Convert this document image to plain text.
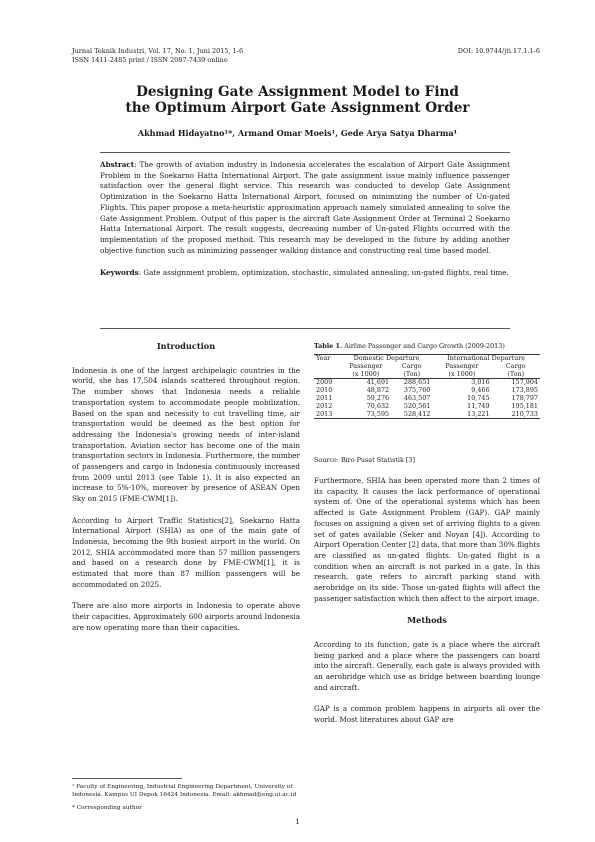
Jurnal Teknik Industri, Vol. 17, No. 1, Juni 2015, 1-6
ISSN 1411-2485 print / ISSN 2087-7439 online
DOI: 10.9744/jti.17.1.1-6
Designing Gate Assignment Model to Find
the Optimum Airport Gate Assignment Order
Akhmad Hidayatno¹*, Armand Omar Moeis¹, Gede Arya Satya Dharma¹
Abstract: The growth of aviation industry in Indonesia accelerates the escalation of Airport Gate Assignment Problem in the Soekarno Hatta International Airport. The gate assignment issue mainly influence passenger satisfaction over the general flight service. This research was conducted to develop Gate Assignment Optimization in the Soekarno Hatta International Airport, focused on minimizing the number of Un-gated Flights. This paper propose a meta-heuristic approximation approach namely simulated annealing to solve the Gate Assignment Problem. Output of this paper is the aircraft Gate Assignment Order at Terminal 2 Soekarno Hatta International Airport. The result suggests, decreasing number of Un-gated Flights occurred with the implementation of the proposed method. This research may be developed in the future by adding another objective function such as minimizing passenger walking distance and constructing real time based model.
Keywords: Gate assignment problem, optimization, stochastic, simulated annealing, un-gated flights, real time.
Introduction

Indonesia is one of the largest archipelagic countries in the world, she has 17,504 islands scattered throughout region. The number shows that Indonesia needs a reliable transportation system to accommodate people mobilization. Based on the span and necessity to cut travelling time, air transportation would be deemed as the best option for addressing the Indonesia's growing needs of inter-island transportation. Aviation sector has become one of the main transportation sectors in Indonesia. Furthermore, the number of passengers and cargo in Indonesia continuously increased from 2009 until 2013 (see Table 1). It is also expected an increase to 5%-10%, moreover by presence of ASEAN Open Sky on 2015 (FME-CWM[1]).

According to Airport Traffic Statistics[2], Soekarno Hatta International Airport (SHIA) as one of the main gate of Indonesia, becoming the 9th busiest airport in the world. On 2012, SHIA accommodated more than 57 million passengers and based on a research done by FME-CWM[1], it is estimated that more than 87 million passengers will be accommodated on 2025.

There are also more airports in Indonesia to operate above their capacities. Approximately 600 airports around Indonesia are now operating more than their capacities.

Table 1. Airline Passenger and Cargo Growth (2009-2013)
Year	Domestic Departure		International Departure	
	Passenger	Cargo	Passenger	Cargo
	(x 1000)	(Ton)	(x 1000)	(Ton)
2009	41,691	288,651	3,016	157,904
2010	48,872	375,760	9,466	173,895
2011	59,276	463,507	10,745	178,797
2012	70,632	520,561	11,749	195,181
2013	73,595	528,412	13,221	210,733
Source: Biro Pusat Statistik [3]

Furthermore, SHIA has been operated more than 2 times of its capacity. It causes the lack performance of operational system of. One of the operational systems which has been affected is Gate Assignment Problem (GAP). GAP mainly focuses on assigning a given set of arriving flights to a given set of gates available (Seker and Noyan [4]). According to Airport Operation Center [2] data, that more than 30% flights are classified as un-gated flights. Un-gated flight is a condition when an aircraft is not parked in a gate. In this research, gate refers to aircraft parking stand with aerobridge on its side. Those un-gated flights will affect the passenger satisfaction which then affect to the airport image.

Methods

According to its function, gate is a place where the aircraft being parked and a place where the passengers can board into the aircraft. Generally, each gate is always provided with an aerobridge which use as bridge between boarding lounge and aircraft.

GAP is a common problem happens in airports all over the world. Most literatures about GAP are

¹ Faculty of Engineering, Industrial Engineering Department, University of Indonesia. Kampus UI Depok 16424 Indonesia. Email: akhmad@eng.ui.ac.id

* Corresponding author

1
